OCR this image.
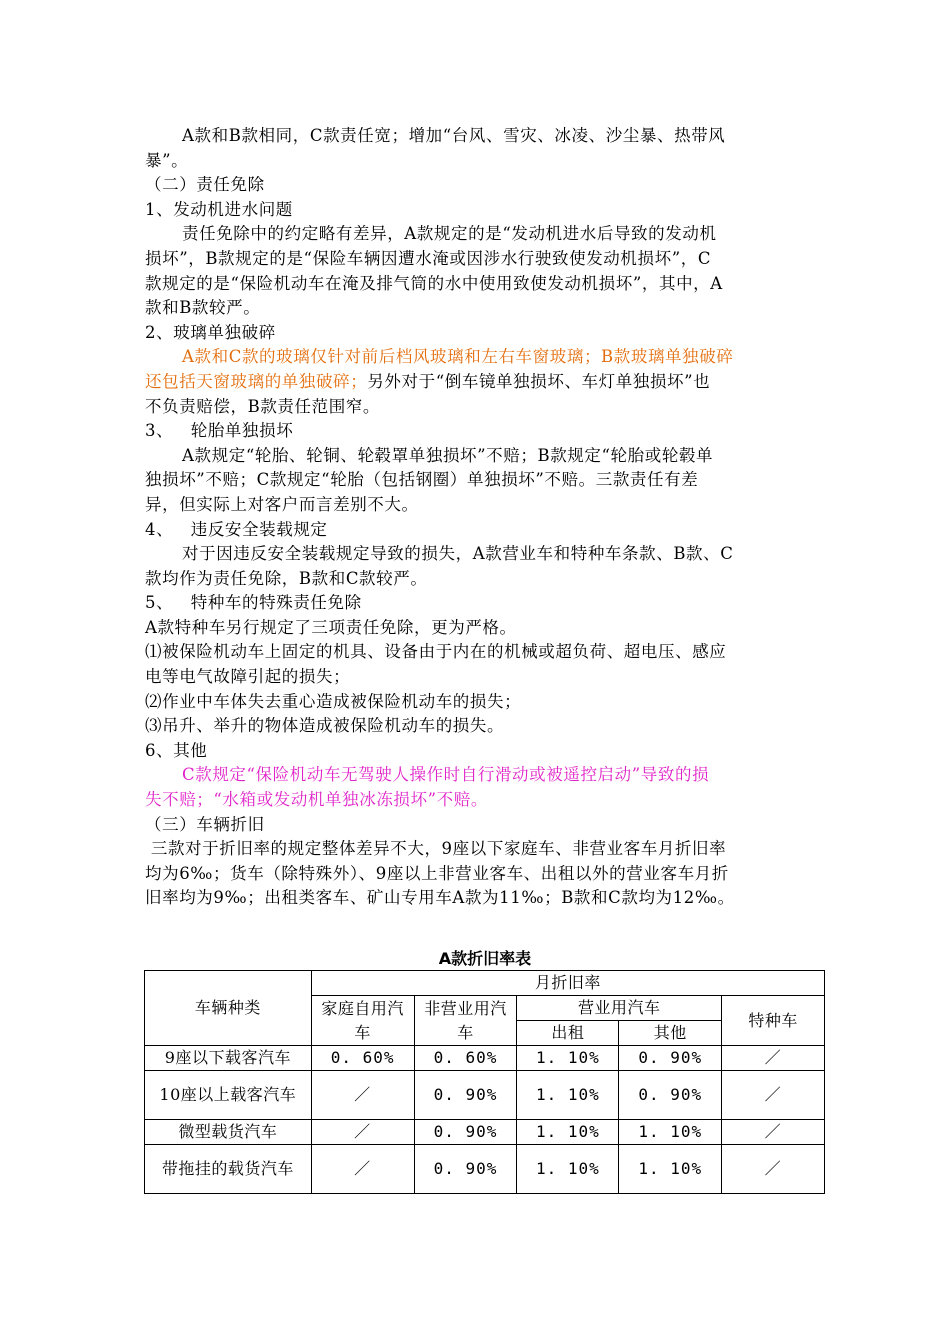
A款和B款相同，C款责任宽；增加“台风、雪灾、冰凌、沙尘暴、热带风
暴”。
（二）责任免除
1、发动机进水问题
责任免除中的约定略有差异，A款规定的是“发动机进水后导致的发动机
损坏”，B款规定的是“保险车辆因遭水淹或因涉水行驶致使发动机损坏”，C
款规定的是“保险机动车在淹及排气筒的水中使用致使发动机损坏”，其中，A
款和B款较严。
2、玻璃单独破碎
A款和C款的玻璃仅针对前后档风玻璃和左右车窗玻璃；B款玻璃单独破碎
还包括天窗玻璃的单独破碎；另外对于“倒车镜单独损坏、车灯单独损坏”也
不负责赔偿，B款责任范围窄。
3、   轮胎单独损坏
A款规定“轮胎、轮铜、轮毂罩单独损坏”不赔；B款规定“轮胎或轮毂单
独损坏”不赔；C款规定“轮胎（包括钢圈）单独损坏”不赔。三款责任有差
异，但实际上对客户而言差别不大。
4、   违反安全装载规定
对于因违反安全装载规定导致的损失，A款营业车和特种车条款、B款、C
款均作为责任免除，B款和C款较严。
5、   特种车的特殊责任免除
A款特种车另行规定了三项责任免除，更为严格。
⑴被保险机动车上固定的机具、设备由于内在的机械或超负荷、超电压、感应
电等电气故障引起的损失；
⑵作业中车体失去重心造成被保险机动车的损失；
⑶吊升、举升的物体造成被保险机动车的损失。
6、其他
C款规定“保险机动车无驾驶人操作时自行滑动或被遥控启动”导致的损
失不赔；“水箱或发动机单独冰冻损坏”不赔。
（三）车辆折旧
三款对于折旧率的规定整体差异不大，9座以下家庭车、非营业客车月折旧率
均为6‰；货车（除特殊外）、9座以上非营业客车、出租以外的营业客车月折
旧率均为9‰；出租类客车、矿山专用车A款为11‰；B款和C款均为12‰。
A款折旧率表
车辆种类	月折旧率				
	家庭自用汽车	非营业用汽车	营业用汽车		特种车
			出租	其他	
9座以下载客汽车	0. 60%	0. 60%	1. 10%	0. 90%	／
10座以上载客汽车	／	0. 90%	1. 10%	0. 90%	／
微型载货汽车	／	0. 90%	1. 10%	1. 10%	／
带拖挂的载货汽车	／	0. 90%	1. 10%	1. 10%	／
